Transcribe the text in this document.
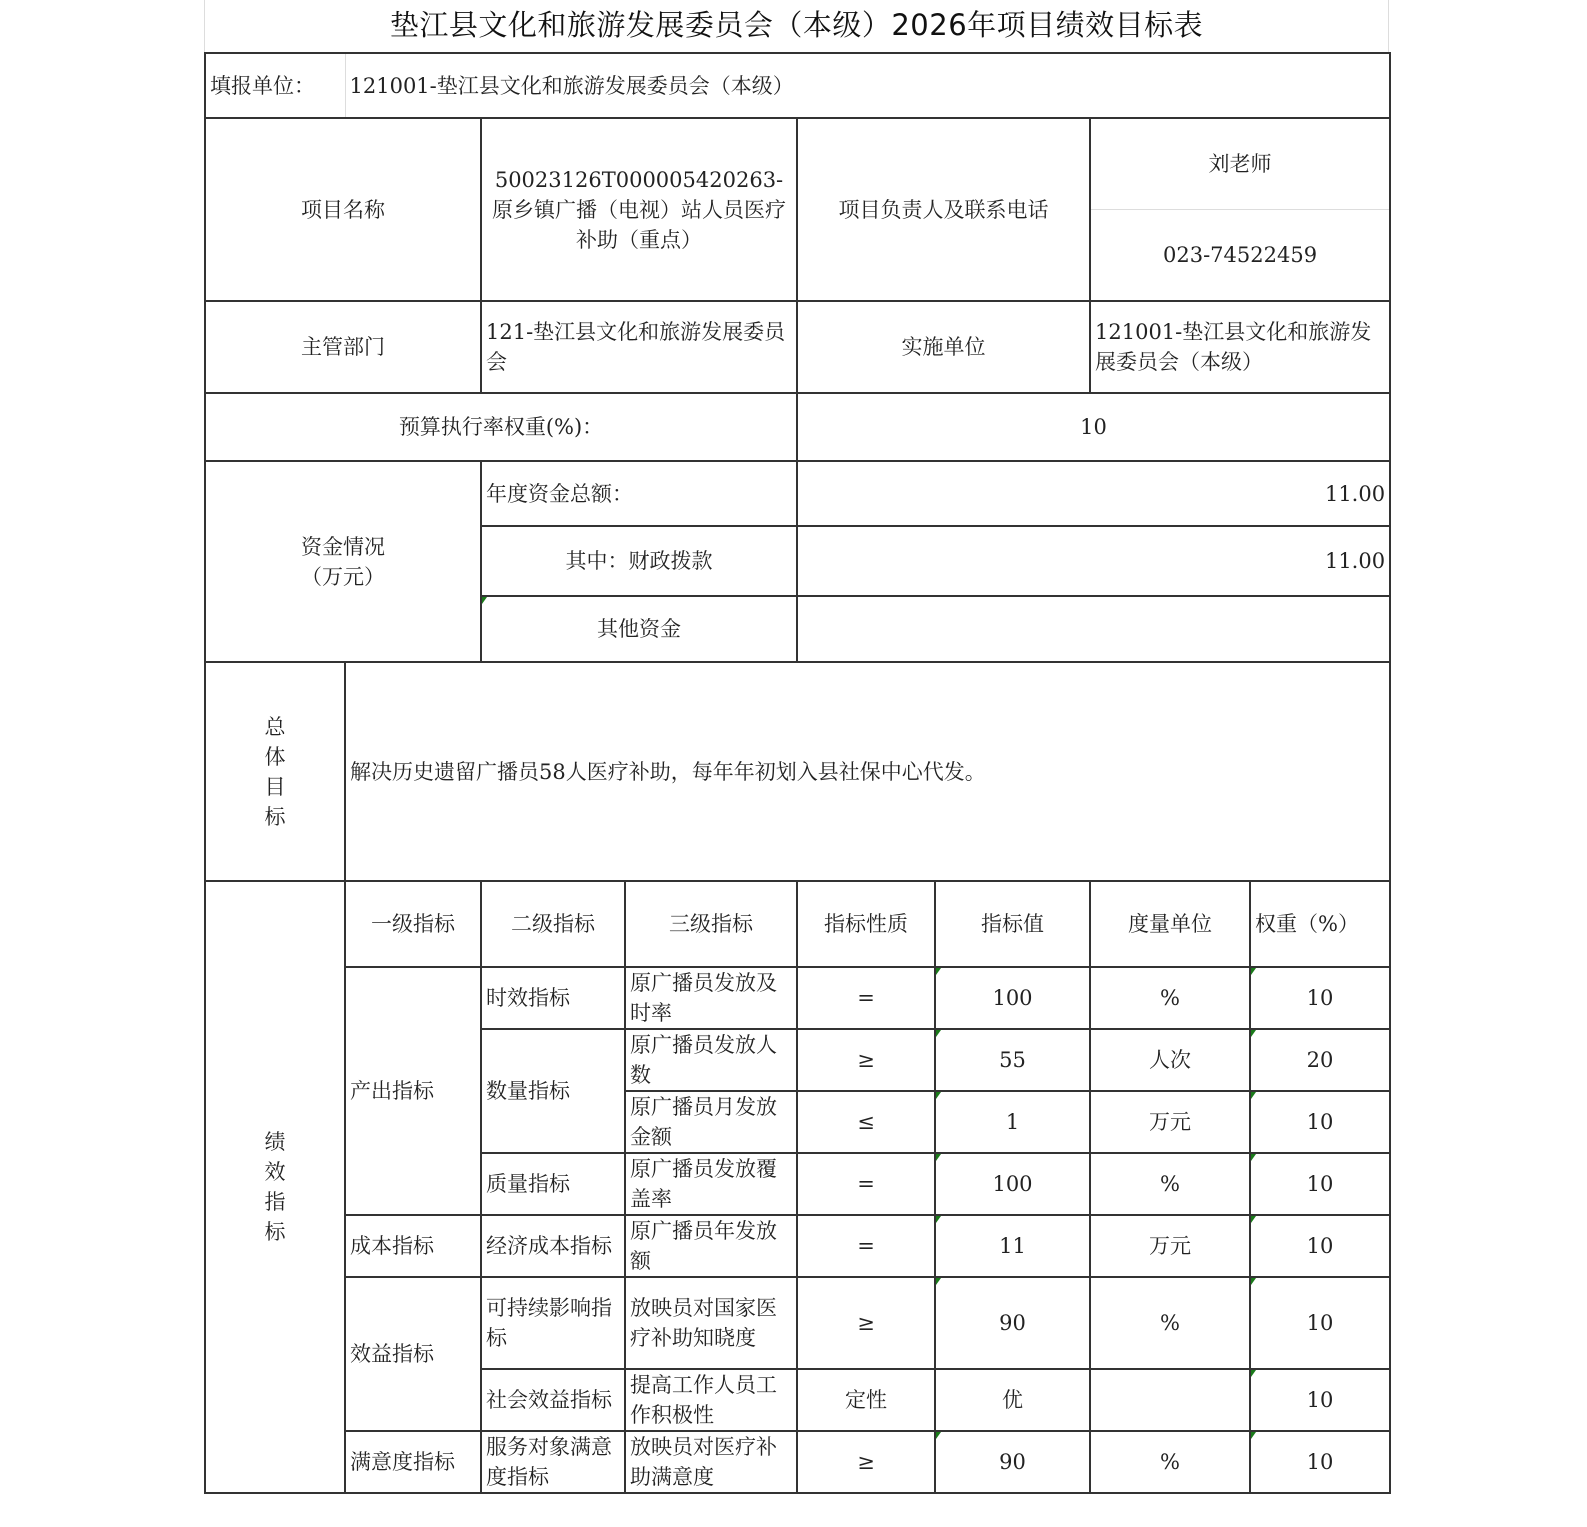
垫江县文化和旅游发展委员会（本级）2026年项目绩效目标表
填报单位：	121001-垫江县文化和旅游发展委员会（本级）						
项目名称		50023126T000005420263-原乡镇广播（电视）站人员医疗补助（重点）		项目负责人及联系电话		刘老师	
						023-74522459	
主管部门		121-垫江县文化和旅游发展委员会		实施单位		121001-垫江县文化和旅游发展委员会（本级）	
预算执行率权重(%)：				10			

资金情况
（万元）		年度资金总额：		11.00			
		其中：财政拨款		11.00			
		其他资金					

总
体
目
标	解决历史遗留广播员58人医疗补助，每年年初划入县社保中心代发。						

绩
效
指
标	一级指标	二级指标	三级指标	指标性质	指标值	度量单位	权重（%）
	产出指标	时效指标	原广播员发放及时率	=	100	%	10
		数量指标	原广播员发放人数	≥	55	人次	20
			原广播员月发放金额	≤	1	万元	10
		质量指标	原广播员发放覆盖率	=	100	%	10
	成本指标	经济成本指标	原广播员年发放额	=	11	万元	10
	效益指标	可持续影响指标	放映员对国家医疗补助知晓度	≥	90	%	10
		社会效益指标	提高工作人员工作积极性	定性	优		10
	满意度指标	服务对象满意度指标	放映员对医疗补助满意度	≥	90	%	10
